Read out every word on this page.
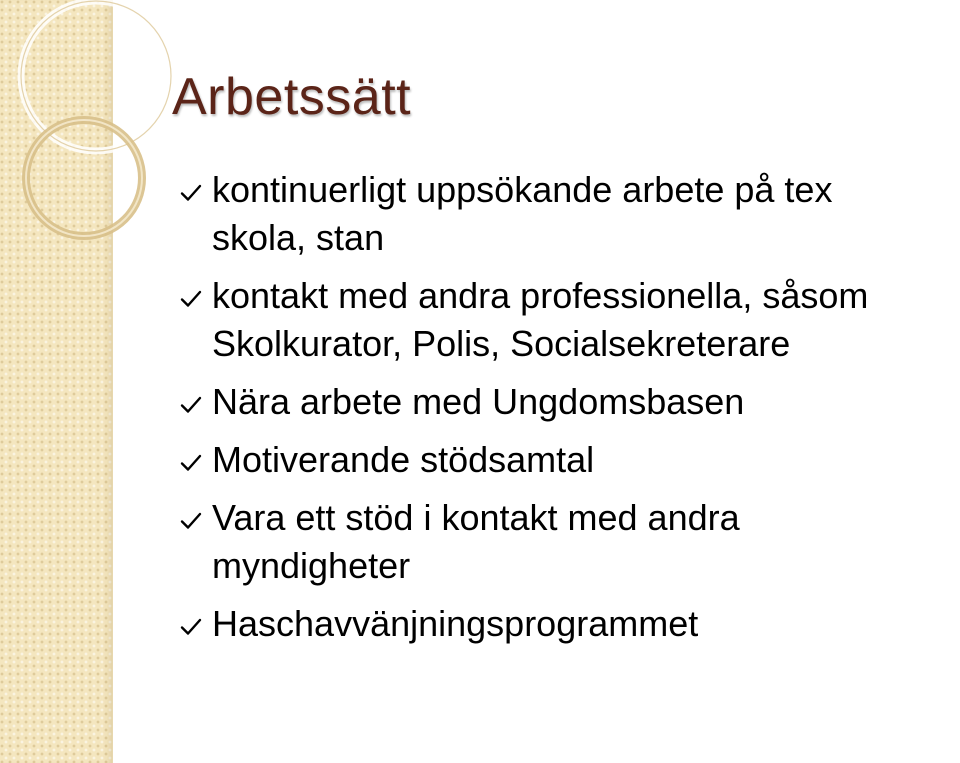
Arbetssätt
kontinuerligt uppsökande arbete på tex
skola, stan
kontakt med andra professionella, såsom
Skolkurator, Polis, Socialsekreterare
Nära arbete med Ungdomsbasen
Motiverande stödsamtal
Vara ett stöd i kontakt med andra
myndigheter
Haschavvänjningsprogrammet
